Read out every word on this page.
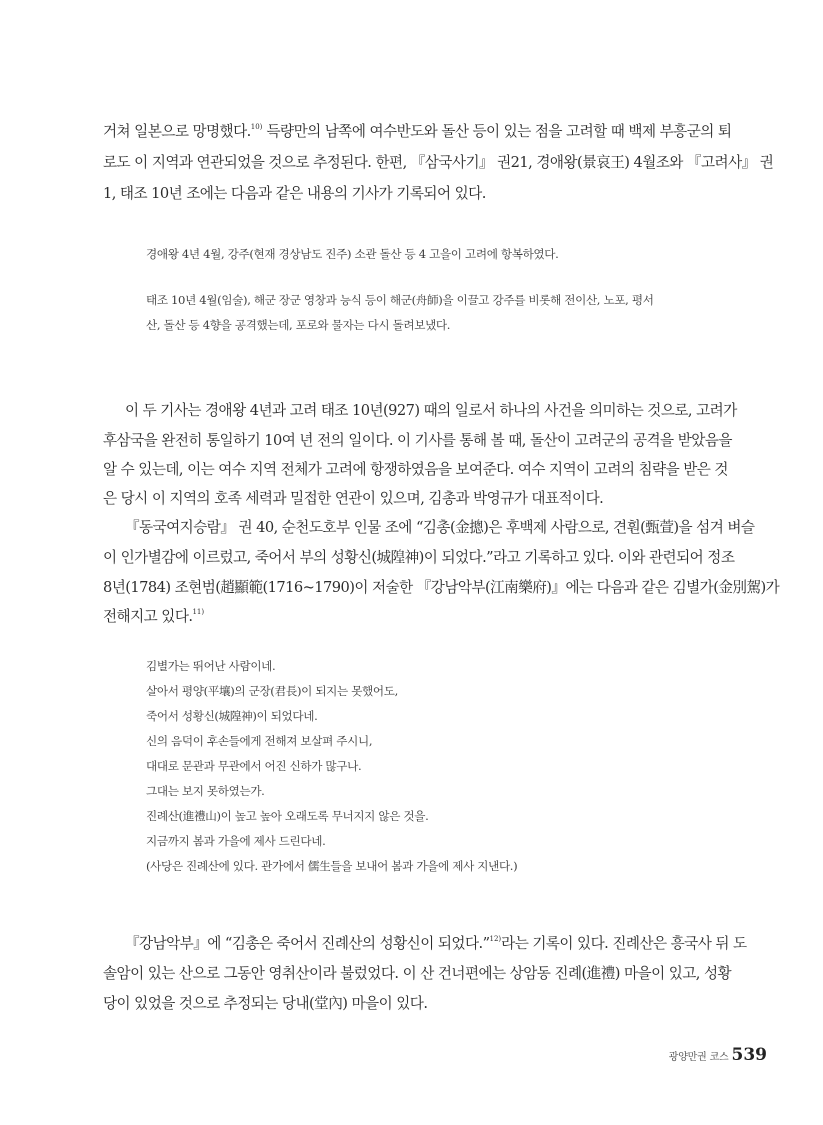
거쳐 일본으로 망명했다.$^{10)}$ 득량만의 남쪽에 여수반도와 돌산 등이 있는 점을 고려할 때 백제 부흥군의 퇴
로도 이 지역과 연관되었을 것으로 추정된다. 한편, 『삼국사기』 권21, 경애왕(景哀王) 4월조와 『고려사』 권
1, 태조 10년 조에는 다음과 같은 내용의 기사가 기록되어 있다.
경애왕 4년 4월, 강주(현재 경상남도 진주) 소관 돌산 등 4 고을이 고려에 항복하였다.
태조 10년 4월(임술), 해군 장군 영창과 능식 등이 해군(舟師)을 이끌고 강주를 비롯해 전이산, 노포, 평서
산, 돌산 등 4향을 공격했는데, 포로와 물자는 다시 돌려보냈다.
이 두 기사는 경애왕 4년과 고려 태조 10년(927) 때의 일로서 하나의 사건을 의미하는 것으로, 고려가
후삼국을 완전히 통일하기 10여 년 전의 일이다. 이 기사를 통해 볼 때, 돌산이 고려군의 공격을 받았음을
알 수 있는데, 이는 여수 지역 전체가 고려에 항쟁하였음을 보여준다. 여수 지역이 고려의 침략을 받은 것
은 당시 이 지역의 호족 세력과 밀접한 연관이 있으며, 김총과 박영규가 대표적이다.
『동국여지승람』 권 40, 순천도호부 인물 조에 “김총(金摠)은 후백제 사람으로, 견훤(甄萱)을 섬겨 벼슬
이 인가별감에 이르렀고, 죽어서 부의 성황신(城隍神)이 되었다.”라고 기록하고 있다. 이와 관련되어 정조
8년(1784) 조현범(趙顯範(1716~1790)이 저술한 『강남악부(江南樂府)』에는 다음과 같은 김별가(金別駕)가
전해지고 있다.$^{11)}$
김별가는 뛰어난 사람이네.
살아서 평양(平壤)의 군장(君長)이 되지는 못했어도,
죽어서 성황신(城隍神)이 되었다네.
신의 음덕이 후손들에게 전해져 보살펴 주시니,
대대로 문관과 무관에서 어진 신하가 많구나.
그대는 보지 못하였는가.
진례산(進禮山)이 높고 높아 오래도록 무너지지 않은 것을.
지금까지 봄과 가을에 제사 드린다네.
(사당은 진례산에 있다. 관가에서 儒生들을 보내어 봄과 가을에 제사 지낸다.)
『강남악부』에 “김총은 죽어서 진례산의 성황신이 되었다.”$^{12)}$라는 기록이 있다. 진례산은 흥국사 뒤 도
솔암이 있는 산으로 그동안 영취산이라 불렀었다. 이 산 건너편에는 상암동 진례(進禮) 마을이 있고, 성황
당이 있었을 것으로 추정되는 당내(堂內) 마을이 있다.
광양만권 코스 539
